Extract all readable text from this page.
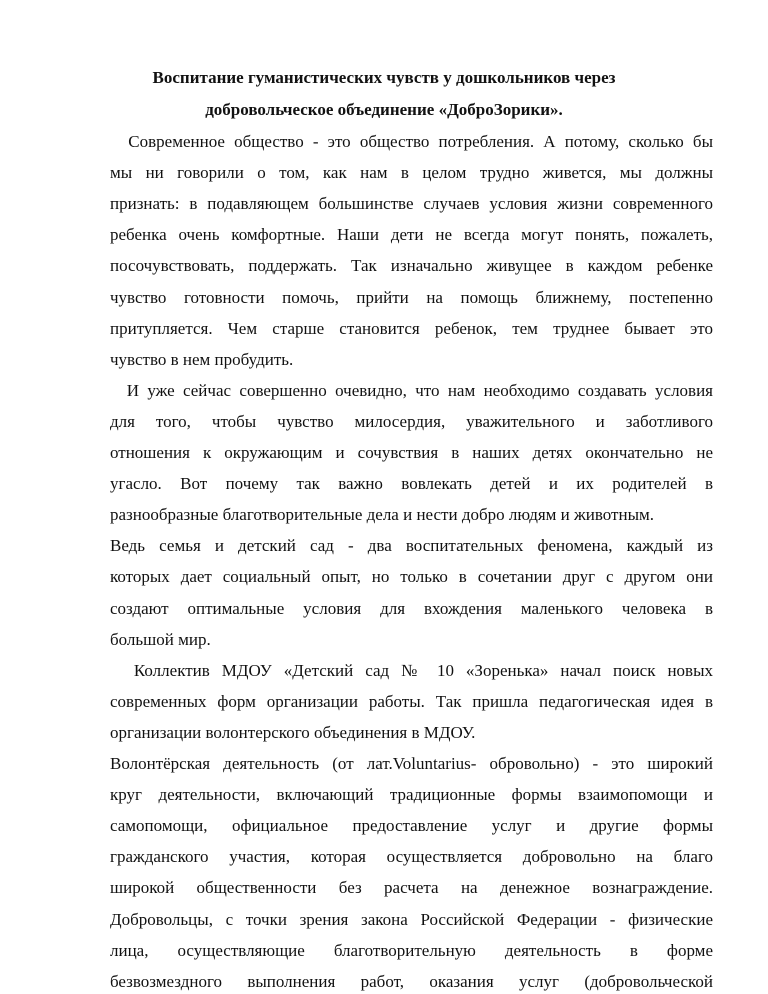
Воспитание гуманистических чувств у дошкольников через
добровольческое объединение «ДоброЗорики».
Современное общество - это общество потребления. А потому, сколько бы
мы ни говорили о том, как нам в целом трудно живется, мы должны
признать: в подавляющем большинстве случаев условия жизни современного
ребенка очень комфортные. Наши дети не всегда могут понять, пожалеть,
посочувствовать, поддержать. Так изначально живущее в каждом ребенке
чувство готовности помочь, прийти на помощь ближнему, постепенно
притупляется. Чем старше становится ребенок, тем труднее бывает это
чувство в нем пробудить.
И уже сейчас совершенно очевидно, что нам необходимо создавать условия
для того, чтобы чувство милосердия, уважительного и заботливого
отношения к окружающим и сочувствия в наших детях окончательно не
угасло. Вот почему так важно вовлекать детей и их родителей в
разнообразные благотворительные дела и нести добро людям и животным.
Ведь семья и детский сад - два воспитательных феномена, каждый из
которых дает социальный опыт, но только в сочетании друг с другом они
создают оптимальные условия для вхождения маленького человека в
большой мир.
Коллектив МДОУ «Детский сад № 10 «Зоренька» начал поиск новых
современных форм организации работы. Так пришла педагогическая идея в
организации волонтерского объединения в МДОУ.
Волонтёрская деятельность (от лат.Voluntarius- обровольно) - это широкий
круг деятельности, включающий традиционные формы взаимопомощи и
самопомощи, официальное предоставление услуг и другие формы
гражданского участия, которая осуществляется добровольно на благо
широкой общественности без расчета на денежное вознаграждение.
Добровольцы, с точки зрения закона Российской Федерации - физические
лица, осуществляющие благотворительную деятельность в форме
безвозмездного выполнения работ, оказания услуг (добровольческой
